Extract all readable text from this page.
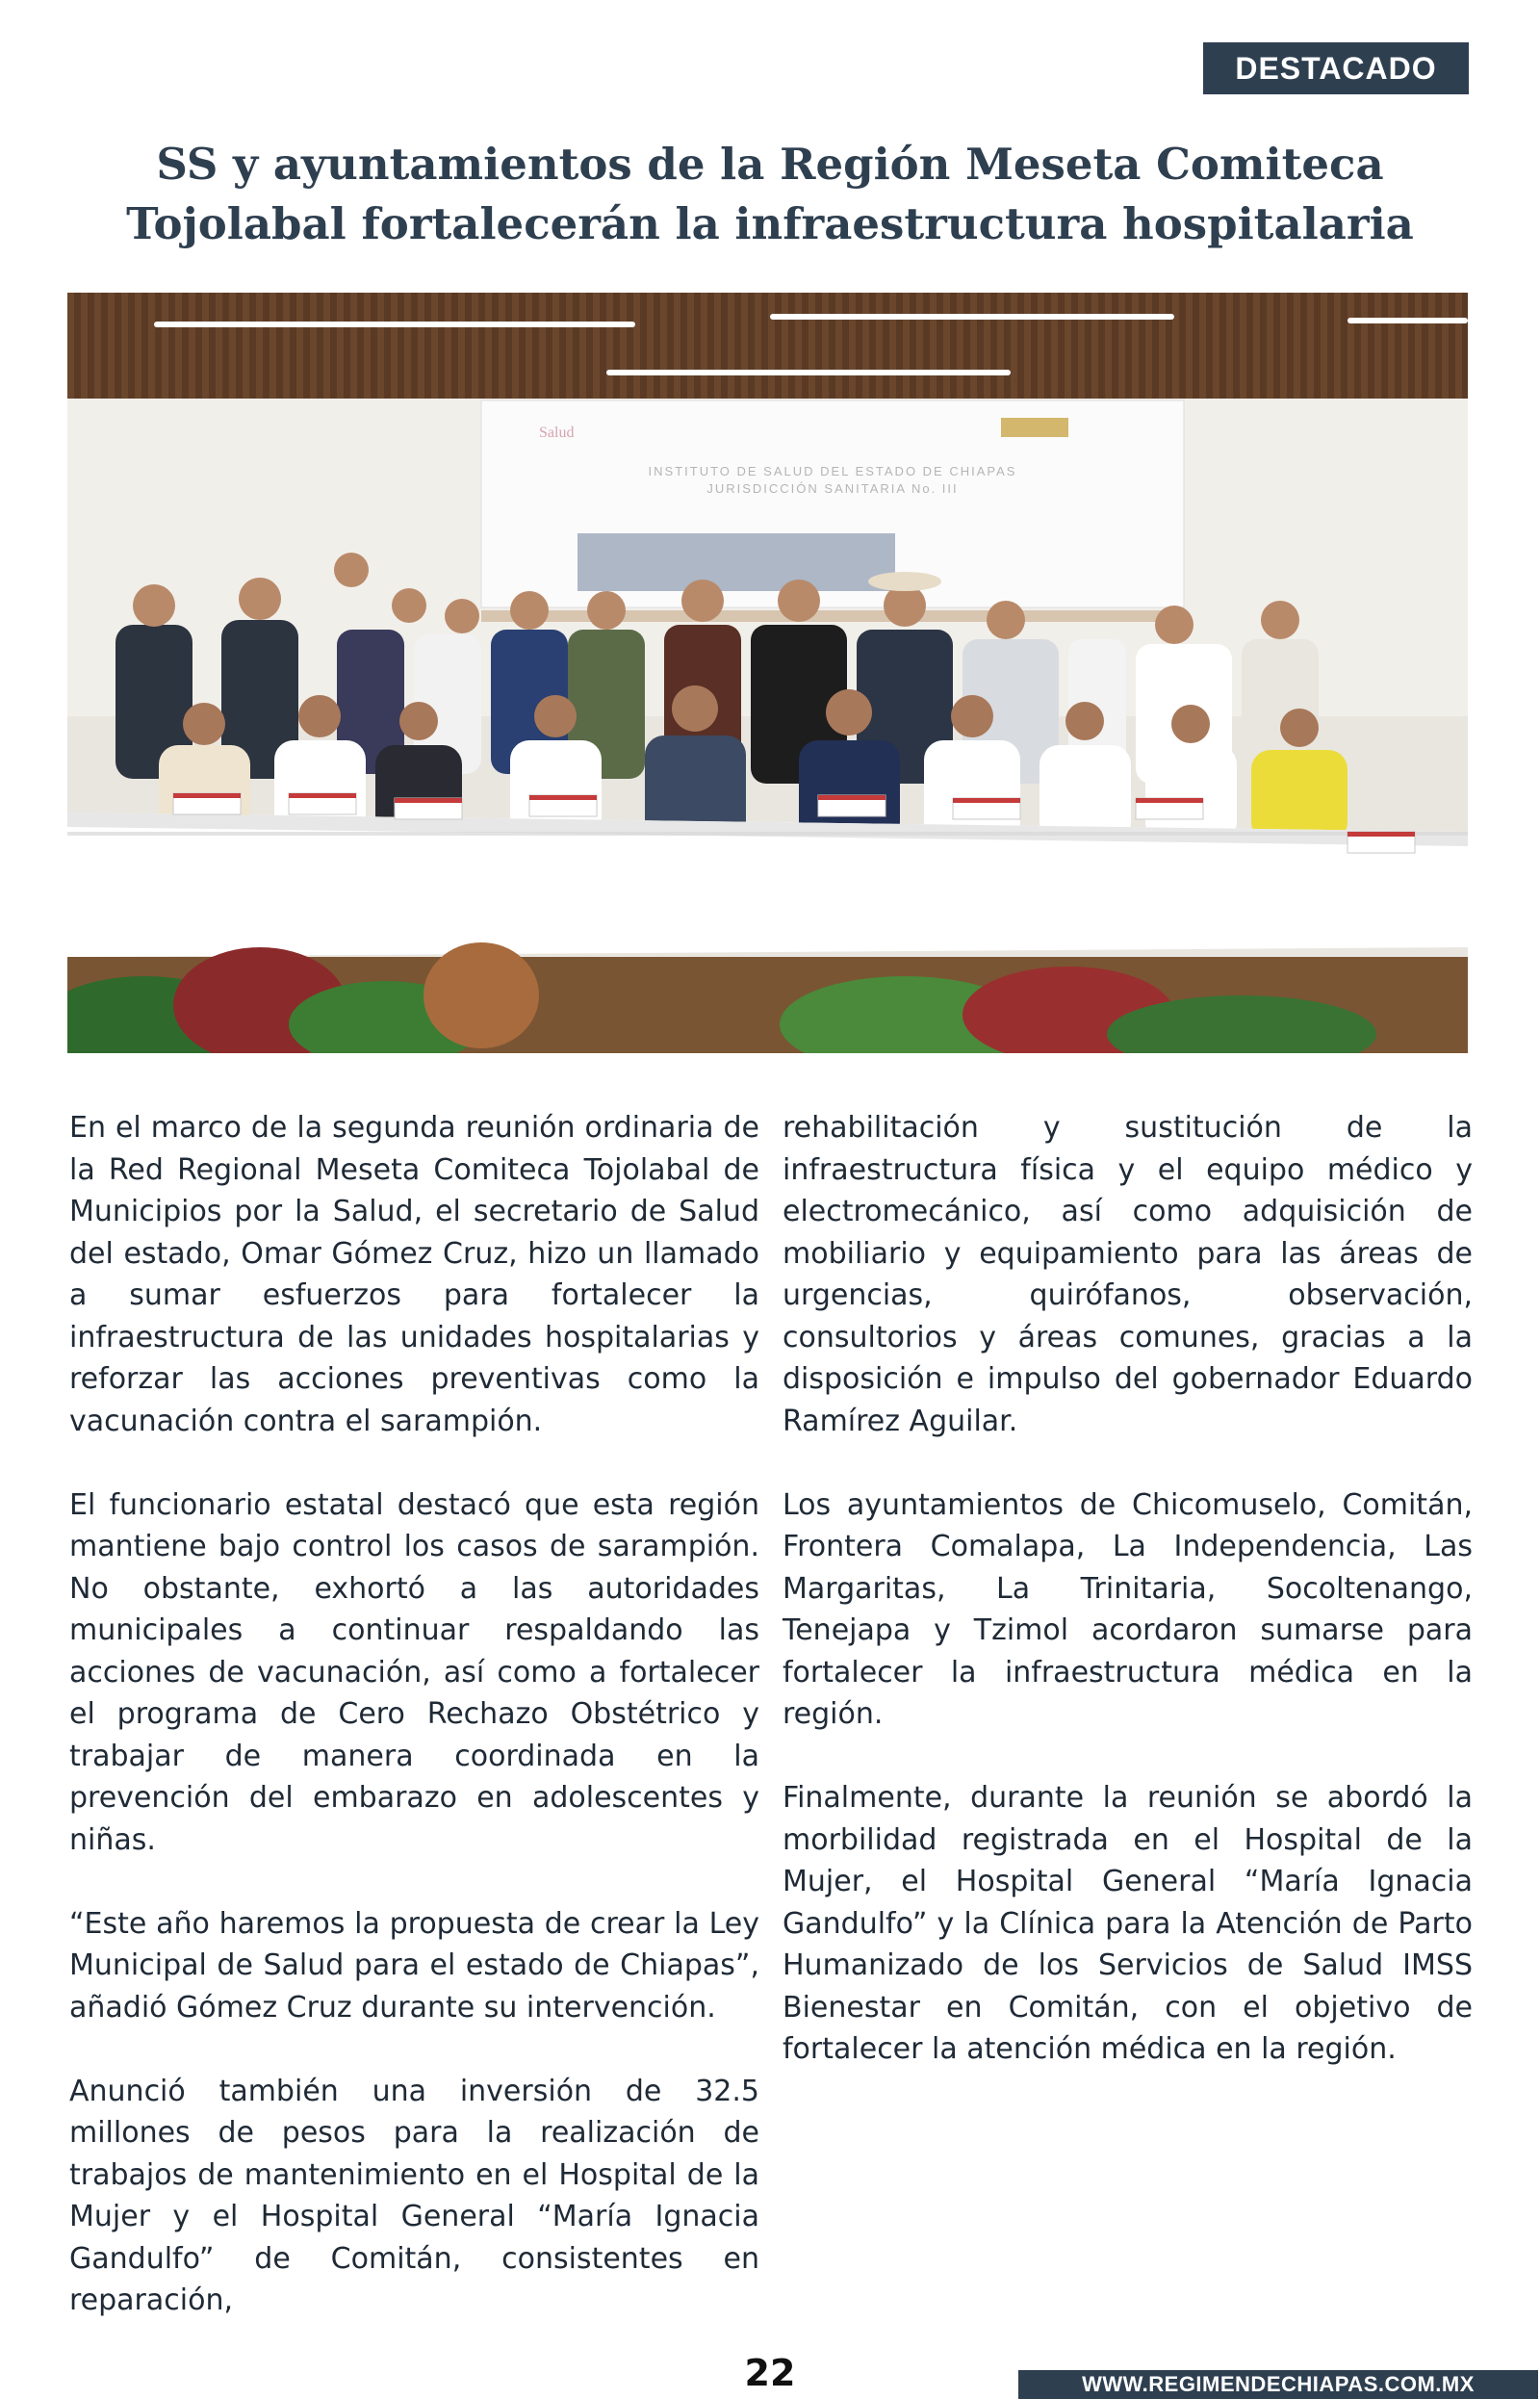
DESTACADO
SS y ayuntamientos de la Región Meseta Comiteca Tojolabal fortalecerán la infraestructura hospitalaria
Salud
INSTITUTO DE SALUD DEL ESTADO DE CHIAPAS
JURISDICCIÓN SANITARIA No. III

En el marco de la segunda reunión ordinaria de la Red Regional Meseta Comiteca Tojolabal de Municipios por la Salud, el secretario de Salud del estado, Omar Gómez Cruz, hizo un llamado a sumar esfuerzos para fortalecer la infraestructura de las unidades hospitalarias y reforzar las acciones preventivas como la vacunación contra el sarampión.

El funcionario estatal destacó que esta región mantiene bajo control los casos de sarampión. No obstante, exhortó a las autoridades municipales a continuar respaldando las acciones de vacunación, así como a fortalecer el programa de Cero Rechazo Obstétrico y trabajar de manera coordinada en la prevención del embarazo en adolescentes y niñas.

“Este año haremos la propuesta de crear la Ley Municipal de Salud para el estado de Chiapas”, añadió Gómez Cruz durante su intervención.

Anunció también una inversión de 32.5 millones de pesos para la realización de trabajos de mantenimiento en el Hospital de la Mujer y el Hospital General “María Ignacia Gandulfo” de Comitán, consistentes en reparación,

rehabilitación y sustitución de la infraestructura física y el equipo médico y electromecánico, así como adquisición de mobiliario y equipamiento para las áreas de urgencias, quirófanos, observación, consultorios y áreas comunes, gracias a la disposición e impulso del gobernador Eduardo Ramírez Aguilar.

Los ayuntamientos de Chicomuselo, Comitán, Frontera Comalapa, La Independencia, Las Margaritas, La Trinitaria, Socoltenango, Tenejapa y Tzimol acordaron sumarse para fortalecer la infraestructura médica en la región.

Finalmente, durante la reunión se abordó la morbilidad registrada en el Hospital de la Mujer, el Hospital General “María Ignacia Gandulfo” y la Clínica para la Atención de Parto Humanizado de los Servicios de Salud IMSS Bienestar en Comitán, con el objetivo de fortalecer la atención médica en la región.

22	WWW.REGIMENDECHIAPAS.COM.MX
